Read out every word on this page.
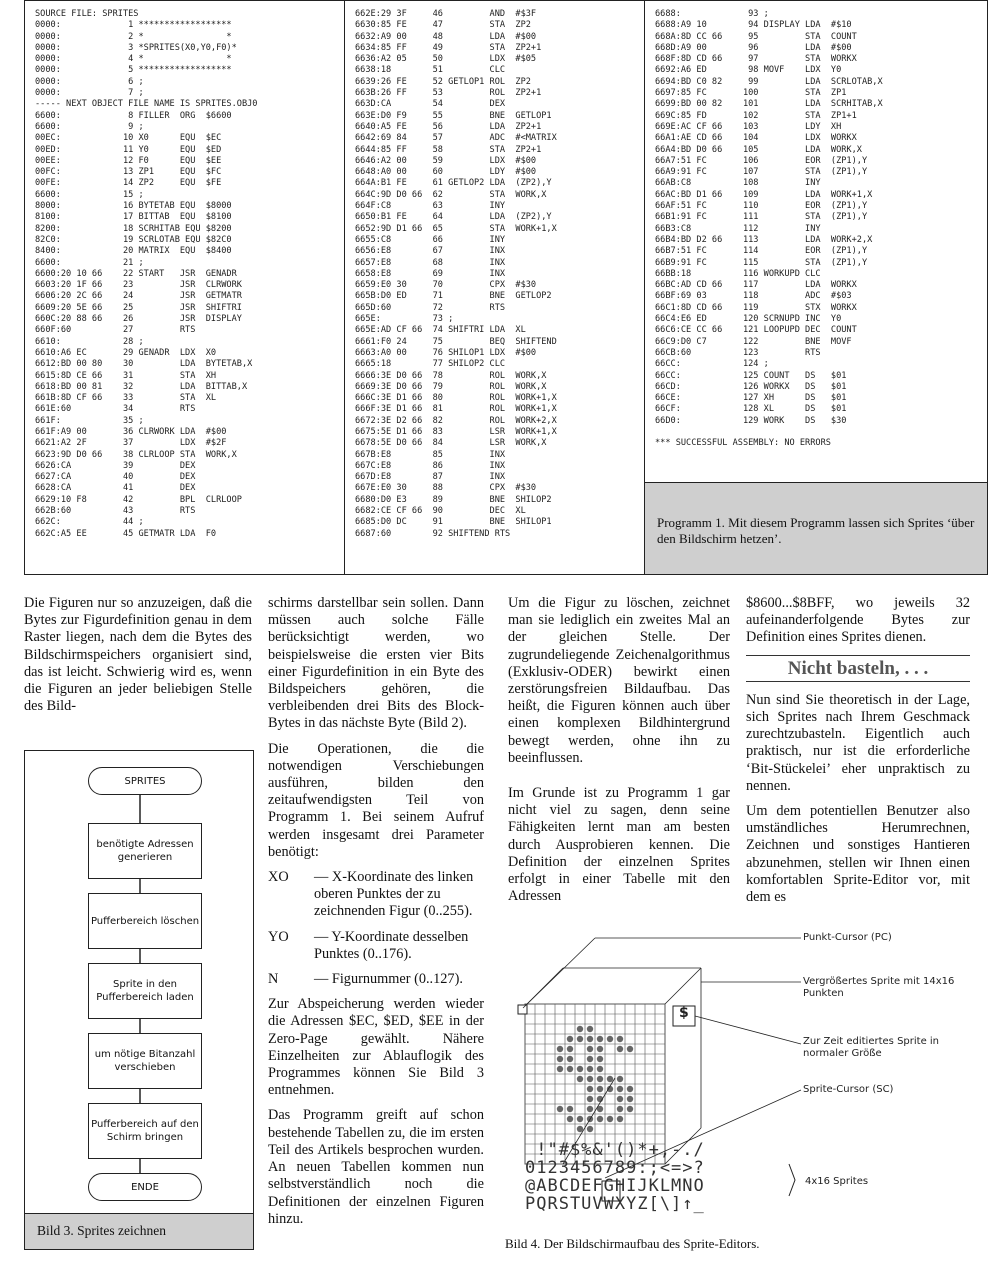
SOURCE FILE: SPRITES
0000:             1 ******************
0000:             2 *                *
0000:             3 *SPRITES(X0,Y0,F0)*
0000:             4 *                *
0000:             5 ******************
0000:             6 ;
0000:             7 ;
----- NEXT OBJECT FILE NAME IS SPRITES.OBJ0
6600:             8 FILLER  ORG  $6600
6600:             9 ;
00EC:            10 X0      EQU  $EC
00ED:            11 Y0      EQU  $ED
00EE:            12 F0      EQU  $EE
00FC:            13 ZP1     EQU  $FC
00FE:            14 ZP2     EQU  $FE
6600:            15 ;
8000:            16 BYTETAB EQU  $8000
8100:            17 BITTAB  EQU  $8100
8200:            18 SCRHITAB EQU $8200
82C0:            19 SCRLOTAB EQU $82C0
8400:            20 MATRIX  EQU  $8400
6600:            21 ;
6600:20 10 66    22 START   JSR  GENADR
6603:20 1F 66    23         JSR  CLRWORK
6606:20 2C 66    24         JSR  GETMATR
6609:20 5E 66    25         JSR  SHIFTRI
660C:20 88 66    26         JSR  DISPLAY
660F:60          27         RTS
6610:            28 ;
6610:A6 EC       29 GENADR  LDX  X0
6612:BD 00 80    30         LDA  BYTETAB,X
6615:8D CE 66    31         STA  XH
6618:BD 00 81    32         LDA  BITTAB,X
661B:8D CF 66    33         STA  XL
661E:60          34         RTS
661F:            35 ;
661F:A9 00       36 CLRWORK LDA  #$00
6621:A2 2F       37         LDX  #$2F
6623:9D D0 66    38 CLRLOOP STA  WORK,X
6626:CA          39         DEX
6627:CA          40         DEX
6628:CA          41         DEX
6629:10 F8       42         BPL  CLRLOOP
662B:60          43         RTS
662C:            44 ;
662C:A5 EE       45 GETMATR LDA  F0
662E:29 3F     46         AND  #$3F
6630:85 FE     47         STA  ZP2
6632:A9 00     48         LDA  #$00
6634:85 FF     49         STA  ZP2+1
6636:A2 05     50         LDX  #$05
6638:18        51         CLC
6639:26 FE     52 GETLOP1 ROL  ZP2
663B:26 FF     53         ROL  ZP2+1
663D:CA        54         DEX
663E:D0 F9     55         BNE  GETLOP1
6640:A5 FE     56         LDA  ZP2+1
6642:69 84     57         ADC  #<MATRIX
6644:85 FF     58         STA  ZP2+1
6646:A2 00     59         LDX  #$00
6648:A0 00     60         LDY  #$00
664A:B1 FE     61 GETLOP2 LDA  (ZP2),Y
664C:9D D0 66  62         STA  WORK,X
664F:C8        63         INY
6650:B1 FE     64         LDA  (ZP2),Y
6652:9D D1 66  65         STA  WORK+1,X
6655:C8        66         INY
6656:E8        67         INX
6657:E8        68         INX
6658:E8        69         INX
6659:E0 30     70         CPX  #$30
665B:D0 ED     71         BNE  GETLOP2
665D:60        72         RTS
665E:          73 ;
665E:AD CF 66  74 SHIFTRI LDA  XL
6661:F0 24     75         BEQ  SHIFTEND
6663:A0 00     76 SHILOP1 LDX  #$00
6665:18        77 SHILOP2 CLC
6666:3E D0 66  78         ROL  WORK,X
6669:3E D0 66  79         ROL  WORK,X
666C:3E D1 66  80         ROL  WORK+1,X
666F:3E D1 66  81         ROL  WORK+1,X
6672:3E D2 66  82         ROL  WORK+2,X
6675:5E D1 66  83         LSR  WORK+1,X
6678:5E D0 66  84         LSR  WORK,X
667B:E8        85         INX
667C:E8        86         INX
667D:E8        87         INX
667E:E0 30     88         CPX  #$30
6680:D0 E3     89         BNE  SHILOP2
6682:CE CF 66  90         DEC  XL
6685:D0 DC     91         BNE  SHILOP1
6687:60        92 SHIFTEND RTS
6688:             93 ;
6688:A9 10        94 DISPLAY LDA  #$10
668A:8D CC 66     95         STA  COUNT
668D:A9 00        96         LDA  #$00
668F:8D CD 66     97         STA  WORKX
6692:A6 ED        98 MOVF    LDX  Y0
6694:BD C0 82     99         LDA  SCRLOTAB,X
6697:85 FC       100         STA  ZP1
6699:BD 00 82    101         LDA  SCRHITAB,X
669C:85 FD       102         STA  ZP1+1
669E:AC CF 66    103         LDY  XH
66A1:AE CD 66    104         LDX  WORKX
66A4:BD D0 66    105         LDA  WORK,X
66A7:51 FC       106         EOR  (ZP1),Y
66A9:91 FC       107         STA  (ZP1),Y
66AB:C8          108         INY
66AC:BD D1 66    109         LDA  WORK+1,X
66AF:51 FC       110         EOR  (ZP1),Y
66B1:91 FC       111         STA  (ZP1),Y
66B3:C8          112         INY
66B4:BD D2 66    113         LDA  WORK+2,X
66B7:51 FC       114         EOR  (ZP1),Y
66B9:91 FC       115         STA  (ZP1),Y
66BB:18          116 WORKUPD CLC
66BC:AD CD 66    117         LDA  WORKX
66BF:69 03       118         ADC  #$03
66C1:8D CD 66    119         STX  WORKX
66C4:E6 ED       120 SCRNUPD INC  Y0
66C6:CE CC 66    121 LOOPUPD DEC  COUNT
66C9:D0 C7       122         BNE  MOVF
66CB:60          123         RTS
66CC:            124 ;
66CC:            125 COUNT   DS   $01
66CD:            126 WORKX   DS   $01
66CE:            127 XH      DS   $01
66CF:            128 XL      DS   $01
66D0:            129 WORK    DS   $30

*** SUCCESSFUL ASSEMBLY: NO ERRORS
Programm 1. Mit diesem Programm lassen sich Sprites ‘über den Bildschirm hetzen’.

Die Figuren nur so anzuzeigen, daß die Bytes zur Figurdefinition genau in dem Raster liegen, nach dem die Bytes des Bildschirmspeichers organisiert sind, das ist leicht. Schwierig wird es, wenn die Figuren an jeder beliebigen Stelle des Bild-

schirms darstellbar sein sollen. Dann müssen auch solche Fälle berücksichtigt werden, wo beispielsweise die ersten vier Bits einer Figurdefinition in ein Byte des Bildspeichers gehören, die verbleibenden drei Bits des Block-Bytes in das nächste Byte (Bild 2).

Die Operationen, die die notwendigen Verschiebungen ausführen, bilden den zeitaufwendigsten Teil von Programm 1. Bei seinem Aufruf werden insgesamt drei Parameter benötigt:

XO	— X-Koordinate des linken oberen Punktes der zu zeichnenden Figur (0..255).
YO	— Y-Koordinate desselben Punktes (0..176).
N	— Figurnummer (0..127).

Zur Abspeicherung werden wieder die Adressen $EC, $ED, $EE in der Zero-Page gewählt. Nähere Einzelheiten zur Ablauflogik des Programmes können Sie Bild 3 entnehmen.

Das Programm greift auf schon bestehende Tabellen zu, die im ersten Teil des Artikels besprochen wurden. An neuen Tabellen kommen nun selbstverständlich noch die Definitionen der einzelnen Figuren hinzu.

Um die Figur zu löschen, zeichnet man sie lediglich ein zweites Mal an der gleichen Stelle. Der zugrundeliegende Zeichenalgorithmus (Exklusiv-ODER) bewirkt einen zerstörungsfreien Bildaufbau. Das heißt, die Figuren können auch über einen komplexen Bildhintergrund bewegt werden, ohne ihn zu beeinflussen.

Im Grunde ist zu Programm 1 gar nicht viel zu sagen, denn seine Fähigkeiten lernt man am besten durch Ausprobieren kennen. Die Definition der einzelnen Sprites erfolgt in einer Tabelle mit den Adressen

$8600...$8BFF, wo jeweils 32 aufeinanderfolgende Bytes zur Definition eines Sprites dienen.

Nicht basteln, . . .

Nun sind Sie theoretisch in der Lage, sich Sprites nach Ihrem Geschmack zurechtzubasteln. Eigentlich auch praktisch, nur ist die erforderliche ‘Bit-Stückelei’ eher unpraktisch zu nennen.

Um dem potentiellen Benutzer also umständliches Herumrechnen, Zeichnen und sonstiges Hantieren abzunehmen, stellen wir Ihnen einen komfortablen Sprite-Editor vor, mit dem es

SPRITES
benötigte Adressen generieren
Pufferbereich löschen
Sprite in den Pufferbereich laden
um nötige Bitanzahl verschieben
Pufferbereich auf den Schirm bringen
ENDE
Bild 3. Sprites zeichnen
Punkt-Cursor (PC)
Vergrößertes Sprite mit 14x16 Punkten
Zur Zeit editiertes Sprite in normaler Größe
Sprite-Cursor (SC)
4x16 Sprites
$
!"#$%&'()*+,-./
0123456789:;<=>?
@ABCDEFGHIJKLMNO
PQRSTUVWXYZ[\]↑_
Bild 4. Der Bildschirmaufbau des Sprite-Editors.
